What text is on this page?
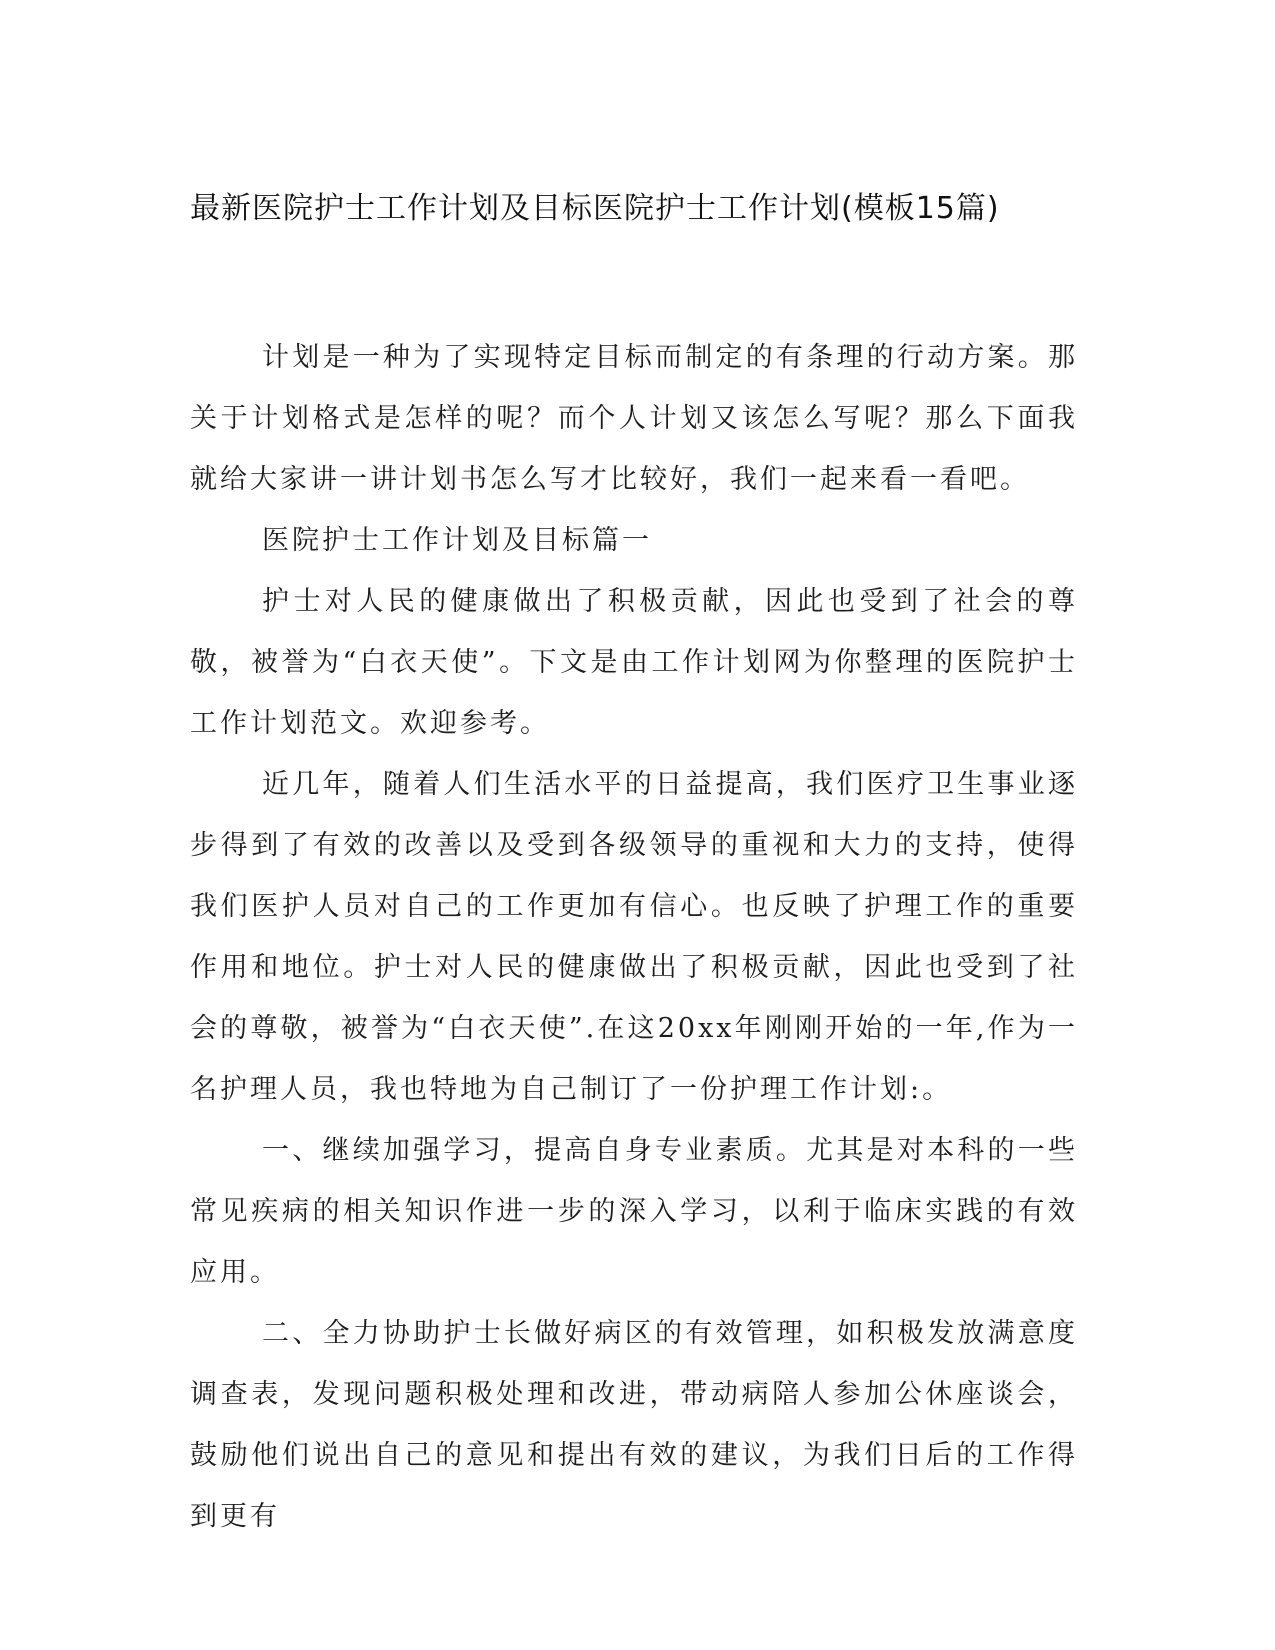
最新医院护士工作计划及目标医院护士工作计划(模板15篇)

计划是一种为了实现特定目标而制定的有条理的行动方案。那关于计划格式是怎样的呢？而个人计划又该怎么写呢？那么下面我就给大家讲一讲计划书怎么写才比较好，我们一起来看一看吧。

医院护士工作计划及目标篇一

护士对人民的健康做出了积极贡献，因此也受到了社会的尊敬，被誉为“白衣天使”。下文是由工作计划网为你整理的医院护士工作计划范文。欢迎参考。

近几年，随着人们生活水平的日益提高，我们医疗卫生事业逐步得到了有效的改善以及受到各级领导的重视和大力的支持，使得我们医护人员对自己的工作更加有信心。也反映了护理工作的重要作用和地位。护士对人民的健康做出了积极贡献，因此也受到了社会的尊敬，被誉为“白衣天使”.在这20xx年刚刚开始的一年,作为一名护理人员，我也特地为自己制订了一份护理工作计划:。

一、继续加强学习，提高自身专业素质。尤其是对本科的一些常见疾病的相关知识作进一步的深入学习，以利于临床实践的有效应用。

二、全力协助护士长做好病区的有效管理，如积极发放满意度调查表，发现问题积极处理和改进，带动病陪人参加公休座谈会，鼓励他们说出自己的意见和提出有效的建议，为我们日后的工作得到更有
